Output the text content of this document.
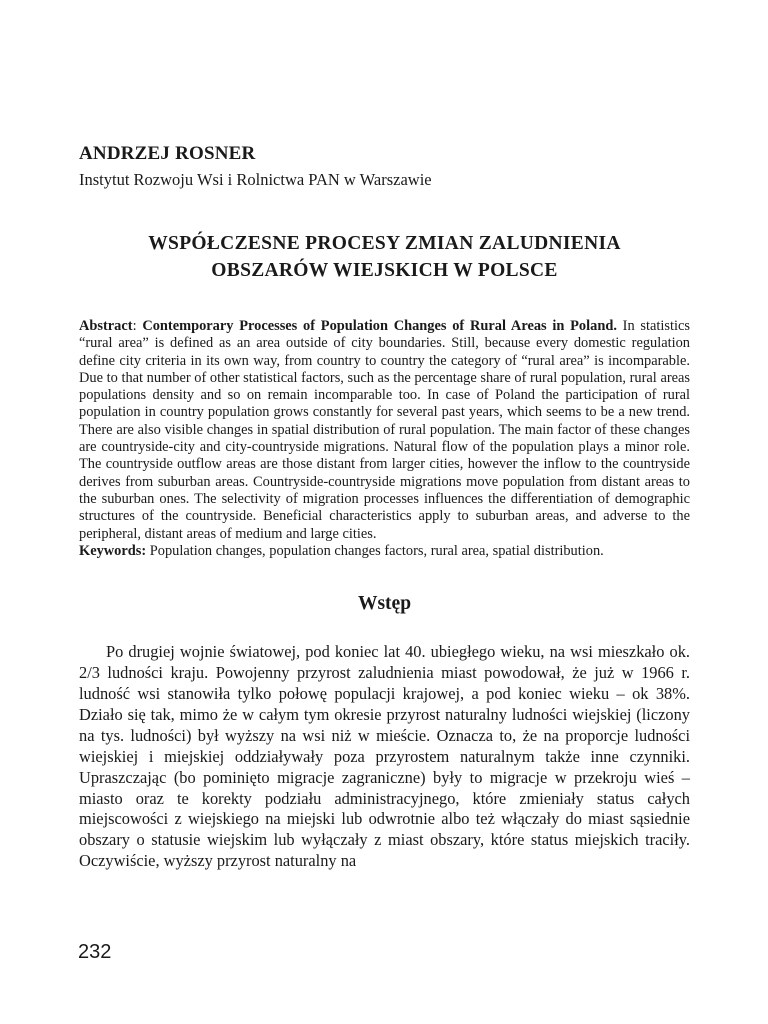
ANDRZEJ ROSNER

Instytut Rozwoju Wsi i Rolnictwa PAN w Warszawie

WSPÓŁCZESNE PROCESY ZMIAN ZALUDNIENIA
OBSZARÓW WIEJSKICH W POLSCE
Abstract: Contemporary Processes of Population Changes of Rural Areas in Poland. In statistics “rural area” is defined as an area outside of city boundaries. Still, because every domestic regulation define city criteria in its own way, from country to country the category of “rural area” is incomparable. Due to that number of other statistical factors, such as the percentage share of rural population, rural areas populations density and so on remain incomparable too. In case of Poland the participation of rural population in country population grows constantly for several past years, which seems to be a new trend. There are also visible changes in spatial distribution of rural population. The main factor of these changes are countryside-city and city-countryside migrations. Natural flow of the population plays a minor role. The countryside outflow areas are those distant from larger cities, however the inflow to the countryside derives from suburban areas. Countryside-countryside migrations move population from distant areas to the suburban ones. The selectivity of migration processes influences the differentiation of demographic structures of the countryside. Beneficial characteristics apply to suburban areas, and adverse to the peripheral, distant areas of medium and large cities.
Keywords: Population changes, population changes factors, rural area, spatial distribution.
Wstęp

Po drugiej wojnie światowej, pod koniec lat 40. ubiegłego wieku, na wsi mieszkało ok. 2/3 ludności kraju. Powojenny przyrost zaludnienia miast powodował, że już w 1966 r. ludność wsi stanowiła tylko połowę populacji krajowej, a pod koniec wieku – ok 38%. Działo się tak, mimo że w całym tym okresie przyrost naturalny ludności wiejskiej (liczony na tys. ludności) był wyższy na wsi niż w mieście. Oznacza to, że na proporcje ludności wiejskiej i miejskiej oddziaływały poza przyrostem naturalnym także inne czynniki. Upraszczając (bo pominięto migracje zagraniczne) były to migracje w przekroju wieś – miasto oraz te korekty podziału administracyjnego, które zmieniały status całych miejscowości z wiejskiego na miejski lub odwrotnie albo też włączały do miast sąsiednie obszary o statusie wiejskim lub wyłączały z miast obszary, które status miejskich traciły. Oczywiście, wyższy przyrost naturalny na

232
